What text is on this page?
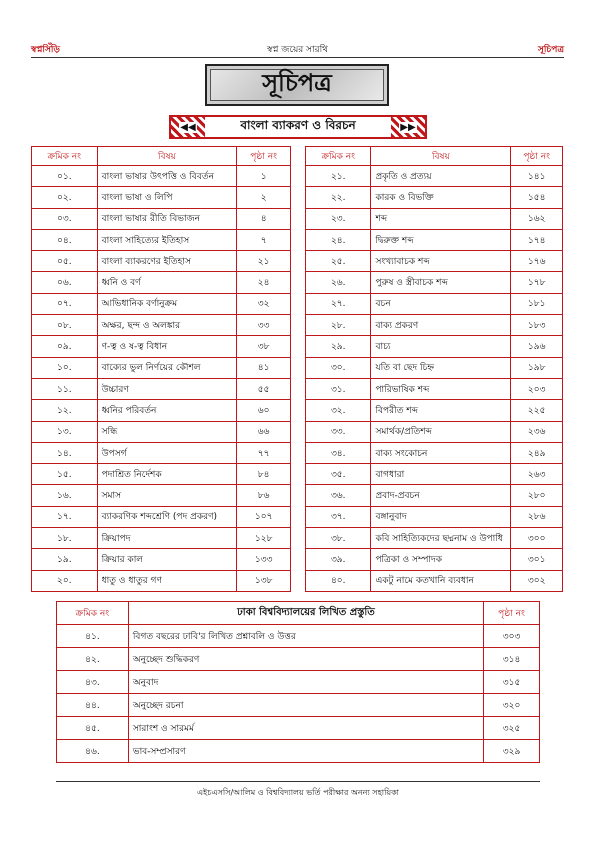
স্বপ্নসিঁড়ি	স্বপ্ন জয়ের সারথি	সূচিপত্র
সূচিপত্র
◀◀	বাংলা ব্যাকরণ ও বিরচন	▶▶
ক্রমিক নং	বিষয়	পৃষ্ঠা নং
০১.	বাংলা ভাষার উৎপত্তি ও বিবর্তন	১
০২.	বাংলা ভাষা ও লিপি	২
০৩.	বাংলা ভাষার রীতি বিভাজন	৪
০৪.	বাংলা সাহিত্যের ইতিহাস	৭
০৫.	বাংলা ব্যাকরণের ইতিহাস	২১
০৬.	ধ্বনি ও বর্ণ	২৪
০৭.	আভিধানিক বর্ণানুক্রম	৩২
০৮.	অক্ষর, ছন্দ ও অলঙ্কার	৩৩
০৯.	ণ-ত্ব ও ষ-ত্ব বিধান	৩৮
১০.	বাক্যের ভুল নির্ণয়ের কৌশল	৪১
১১.	উচ্চারণ	৫৫
১২.	ধ্বনির পরিবর্তন	৬০
১৩.	সন্ধি	৬৬
১৪.	উপসর্গ	৭৭
১৫.	পদাশ্রিত নির্দেশক	৮৪
১৬.	সমাস	৮৬
১৭.	ব্যাকরণিক শব্দশ্রেণি (পদ প্রকরণ)	১০৭
১৮.	ক্রিয়াপদ	১২৮
১৯.	ক্রিয়ার কাল	১৩৩
২০.	ধাতু ও ধাতুর গণ	১৩৮
ক্রমিক নং	বিষয়	পৃষ্ঠা নং
২১.	প্রকৃতি ও প্রত্যয়	১৪১
২২.	কারক ও বিভক্তি	১৫৪
২৩.	শব্দ	১৬২
২৪.	দ্বিরুক্ত শব্দ	১৭৪
২৫.	সংখ্যাবাচক শব্দ	১৭৬
২৬.	পুরুষ ও স্ত্রীবাচক শব্দ	১৭৮
২৭.	বচন	১৮১
২৮.	বাক্য প্রকরণ	১৮৩
২৯.	বাচ্য	১৯৬
৩০.	যতি বা ছেদ চিহ্ন	১৯৮
৩১.	পারিভাষিক শব্দ	২০৩
৩২.	বিপরীত শব্দ	২২৫
৩৩.	সমার্থক/প্রতিশব্দ	২৩৬
৩৪.	বাক্য সংকোচন	২৪৯
৩৫.	বাগধারা	২৬৩
৩৬.	প্রবাদ-প্রবচন	২৮০
৩৭.	বঙ্গানুবাদ	২৮৬
৩৮.	কবি সাহিত্যিকদের ছদ্মনাম ও উপাধি	৩০০
৩৯.	পত্রিকা ও সম্পাদক	৩০১
৪০.	একটু নামে কতখানি ব্যবধান	৩০২
ক্রমিক নং	ঢাকা বিশ্ববিদ্যালয়ের লিখিত প্রস্তুতি	পৃষ্ঠা নং
৪১.	বিগত বছরের ঢাবি'র লিখিত প্রশ্নাবলি ও উত্তর	৩০৩
৪২.	অনুচ্ছেদ শুদ্ধিকরণ	৩১৪
৪৩.	অনুবাদ	৩১৫
৪৪.	অনুচ্ছেদ রচনা	৩২০
৪৫.	সারাংশ ও সারমর্ম	৩২৫
৪৬.	ভাব-সম্প্রসারণ	৩২৯
এইচএসসি/আলিম ও বিশ্ববিদ্যালয় ভর্তি পরীক্ষার অনন্য সহায়িকা
